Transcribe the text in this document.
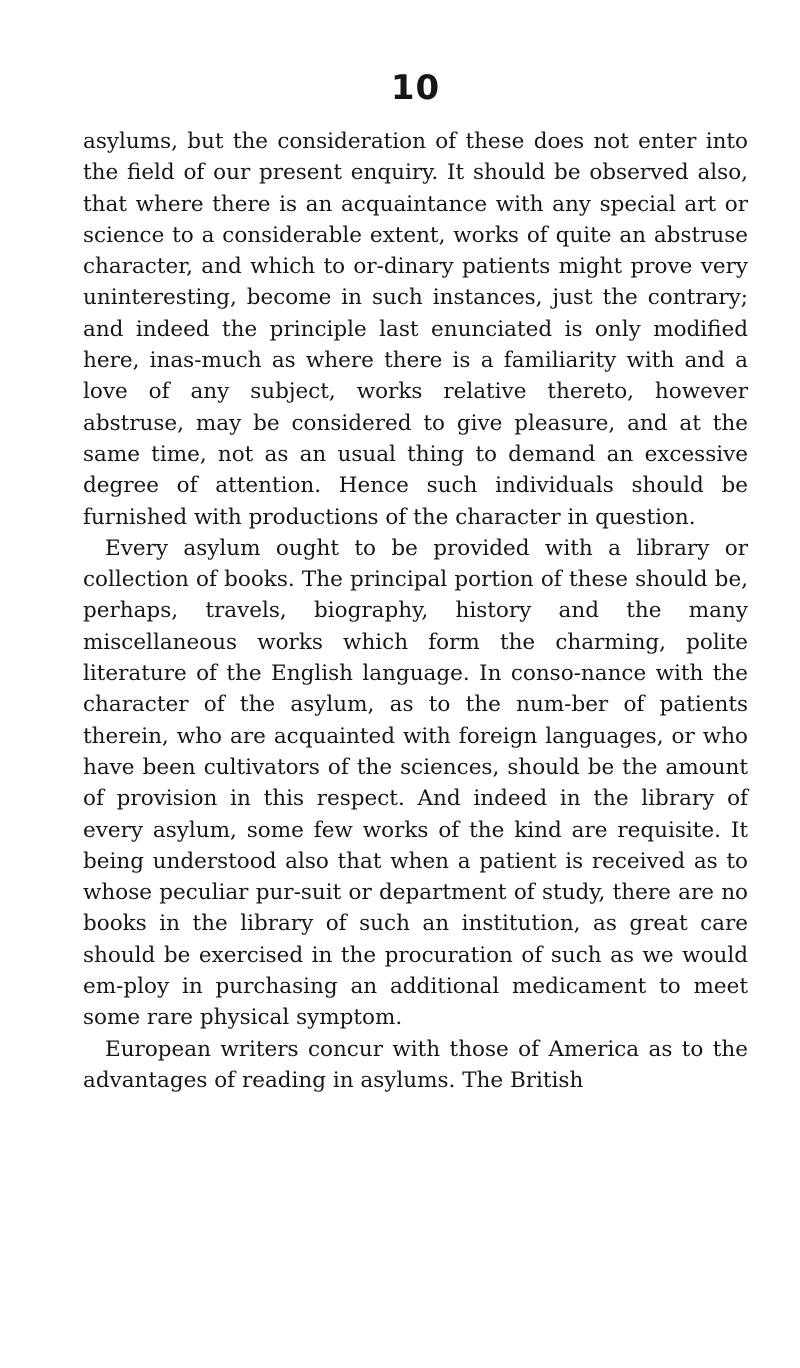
10

asylums, but the consideration of these does not enter into the field of our present enquiry. It should be observed also, that where there is an acquaintance with any special art or science to a considerable extent, works of quite an abstruse character, and which to or-dinary patients might prove very uninteresting, become in such instances, just the contrary; and indeed the principle last enunciated is only modified here, inas-much as where there is a familiarity with and a love of any subject, works relative thereto, however abstruse, may be considered to give pleasure, and at the same time, not as an usual thing to demand an excessive degree of attention. Hence such individuals should be furnished with productions of the character in question.

Every asylum ought to be provided with a library or collection of books. The principal portion of these should be, perhaps, travels, biography, history and the many miscellaneous works which form the charming, polite literature of the English language. In conso-nance with the character of the asylum, as to the num-ber of patients therein, who are acquainted with foreign languages, or who have been cultivators of the sciences, should be the amount of provision in this respect. And indeed in the library of every asylum, some few works of the kind are requisite. It being understood also that when a patient is received as to whose peculiar pur-suit or department of study, there are no books in the library of such an institution, as great care should be exercised in the procuration of such as we would em-ploy in purchasing an additional medicament to meet some rare physical symptom.

European writers concur with those of America as to the advantages of reading in asylums. The British
